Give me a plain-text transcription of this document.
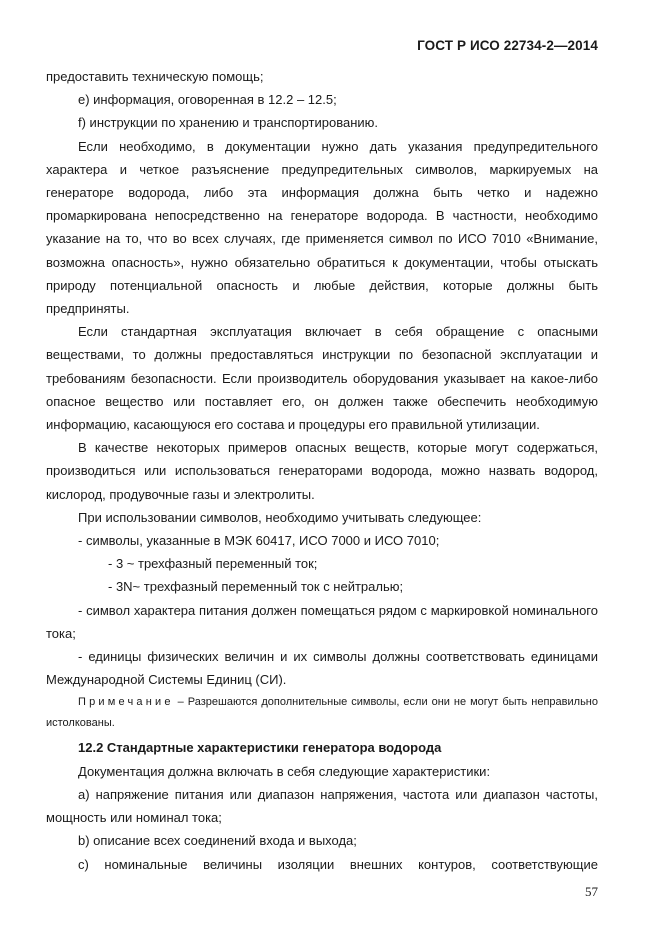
ГОСТ Р ИСО 22734-2—2014

предоставить техническую помощь;

e) информация, оговоренная в 12.2 – 12.5;

f) инструкции по хранению и транспортированию.

Если необходимо, в документации нужно дать указания предупредительного характера и четкое разъяснение предупредительных символов, маркируемых на генераторе водорода, либо эта информация должна быть четко и надежно промаркирована непосредственно на генераторе водорода. В частности, необходимо указание на то, что во всех случаях, где применяется символ по ИСО 7010 «Внимание, возможна опасность», нужно обязательно обратиться к документации, чтобы отыскать природу потенциальной опасность и любые действия, которые должны быть предприняты.

Если стандартная эксплуатация включает в себя обращение с опасными веществами, то должны предоставляться инструкции по безопасной эксплуатации и требованиям безопасности. Если производитель оборудования указывает на какое-либо опасное вещество или поставляет его, он должен также обеспечить необходимую информацию, касающуюся его состава и процедуры его правильной утилизации.

В качестве некоторых примеров опасных веществ, которые могут содержаться, производиться или использоваться генераторами водорода, можно назвать водород, кислород, продувочные газы и электролиты.

При использовании символов, необходимо учитывать следующее:

- символы, указанные в МЭК 60417, ИСО 7000 и ИСО 7010;

- 3 ~ трехфазный переменный ток;

- 3N~ трехфазный переменный ток с нейтралью;

- символ характера питания должен помещаться рядом с маркировкой номинального тока;

- единицы физических величин и их символы должны соответствовать единицами Международной Системы Единиц (СИ).

Примечание – Разрешаются дополнительные символы, если они не могут быть неправильно истолкованы.

12.2 Стандартные характеристики генератора водорода

Документация должна включать в себя следующие характеристики:

a) напряжение питания или диапазон напряжения, частота или диапазон частоты, мощность или номинал тока;

b) описание всех соединений входа и выхода;

c) номинальные величины изоляции внешних контуров, соответствующие

57
